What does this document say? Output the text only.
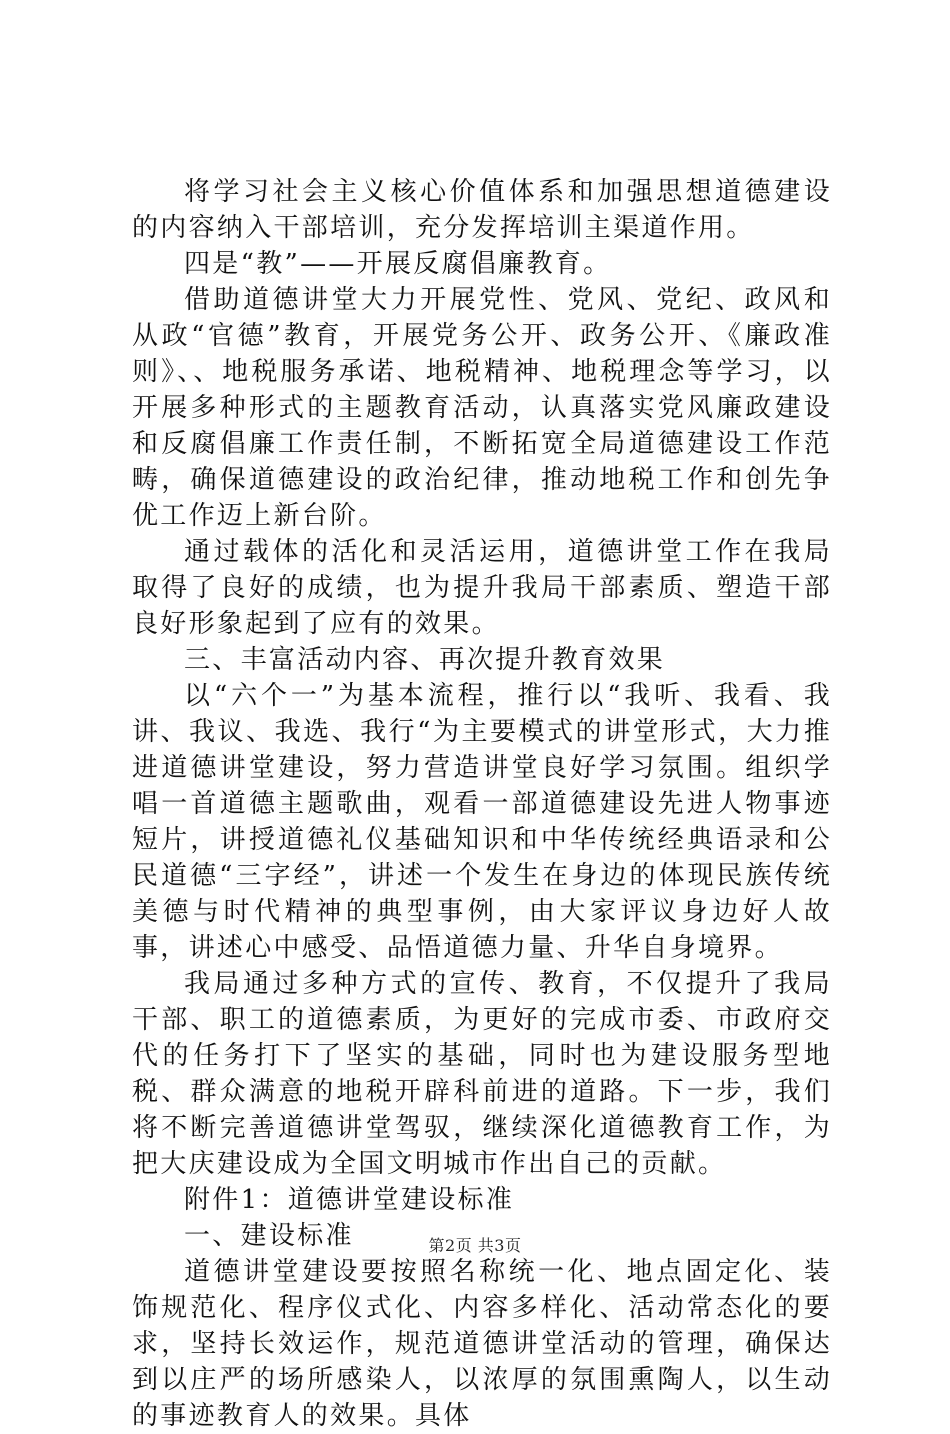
将学习社会主义核心价值体系和加强思想道德建设的内容纳入干部培训，充分发挥培训主渠道作用。

四是“教”——开展反腐倡廉教育。

借助道德讲堂大力开展党性、党风、党纪、政风和从政“官德”教育，开展党务公开、政务公开、《廉政准则》、、地税服务承诺、地税精神、地税理念等学习，以开展多种形式的主题教育活动，认真落实党风廉政建设和反腐倡廉工作责任制，不断拓宽全局道德建设工作范畴，确保道德建设的政治纪律，推动地税工作和创先争优工作迈上新台阶。

通过载体的活化和灵活运用，道德讲堂工作在我局取得了良好的成绩，也为提升我局干部素质、塑造干部良好形象起到了应有的效果。

三、丰富活动内容、再次提升教育效果

以“六个一”为基本流程，推行以“我听、我看、我讲、我议、我选、我行“为主要模式的讲堂形式，大力推进道德讲堂建设，努力营造讲堂良好学习氛围。组织学唱一首道德主题歌曲，观看一部道德建设先进人物事迹短片，讲授道德礼仪基础知识和中华传统经典语录和公民道德“三字经”，讲述一个发生在身边的体现民族传统美德与时代精神的典型事例，由大家评议身边好人故事，讲述心中感受、品悟道德力量、升华自身境界。

我局通过多种方式的宣传、教育，不仅提升了我局干部、职工的道德素质，为更好的完成市委、市政府交代的任务打下了坚实的基础，同时也为建设服务型地税、群众满意的地税开辟科前进的道路。下一步，我们将不断完善道德讲堂驾驭，继续深化道德教育工作，为把大庆建设成为全国文明城市作出自己的贡献。

附件1：道德讲堂建设标准

一、建设标准

道德讲堂建设要按照名称统一化、地点固定化、装饰规范化、程序仪式化、内容多样化、活动常态化的要求，坚持长效运作，规范道德讲堂活动的管理，确保达到以庄严的场所感染人，以浓厚的氛围熏陶人，以生动的事迹教育人的效果。具体

第2页 共3页
